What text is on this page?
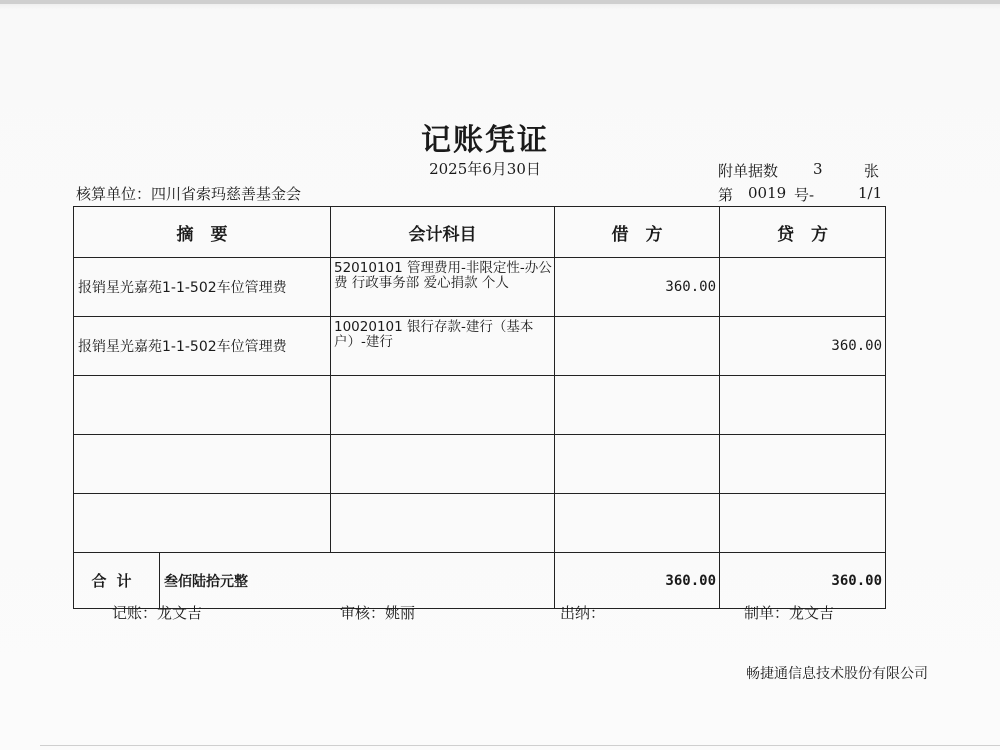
记账凭证
2025年6月30日
核算单位：四川省索玛慈善基金会
附单据数 3	张
第 0019 号-	1/1
摘　要		会计科目	借　方	贷　方
报销星光嘉苑1-1-502车位管理费		52010101 管理费用-非限定性-办公费 行政事务部 爱心捐款 个人	360.00	
报销星光嘉苑1-1-502车位管理费		10020101 银行存款-建行（基本户）-建行		360.00

合计	叁佰陆拾元整		360.00	360.00
记账：龙文吉	审核：姚丽	出纳：	制单：龙文吉
畅捷通信息技术股份有限公司
